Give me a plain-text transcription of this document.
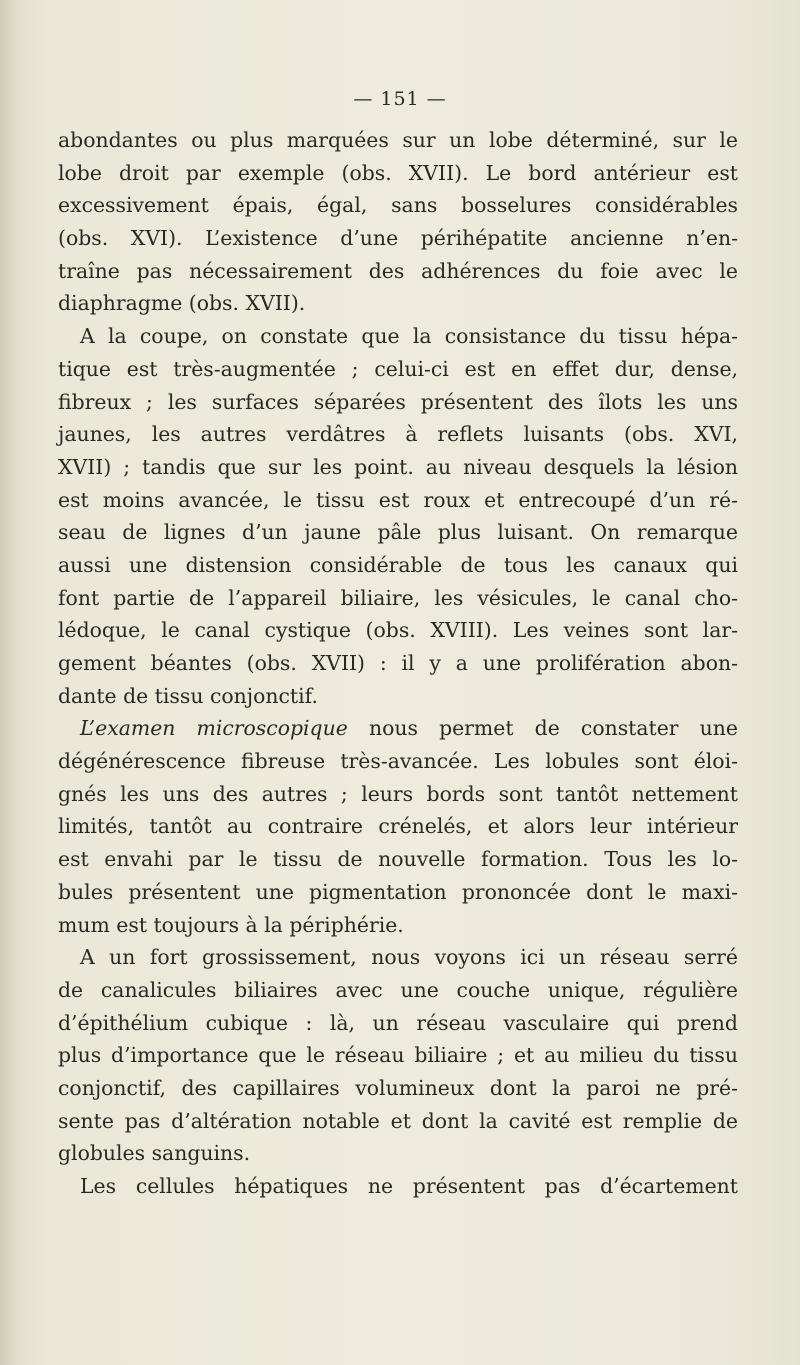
— 151 —
abondantes ou plus marquées sur un lobe déterminé, sur le
lobe droit par exemple (obs. XVII). Le bord antérieur est
excessivement épais, égal, sans bosselures considérables
(obs. XVI). L’existence d’une périhépatite ancienne n’en-
traîne pas nécessairement des adhérences du foie avec le
diaphragme (obs. XVII).
A la coupe, on constate que la consistance du tissu hépa-
tique est très-augmentée ; celui-ci est en effet dur, dense,
fibreux ; les surfaces séparées présentent des îlots les uns
jaunes, les autres verdâtres à reflets luisants (obs. XVI,
XVII) ; tandis que sur les point. au niveau desquels la lésion
est moins avancée, le tissu est roux et entrecoupé d’un ré-
seau de lignes d’un jaune pâle plus luisant. On remarque
aussi une distension considérable de tous les canaux qui
font partie de l’appareil biliaire, les vésicules, le canal cho-
lédoque, le canal cystique (obs. XVIII). Les veines sont lar-
gement béantes (obs. XVII) : il y a une prolifération abon-
dante de tissu conjonctif.
L’examen microscopique nous permet de constater une
dégénérescence fibreuse très-avancée. Les lobules sont éloi-
gnés les uns des autres ; leurs bords sont tantôt nettement
limités, tantôt au contraire crénelés, et alors leur intérieur
est envahi par le tissu de nouvelle formation. Tous les lo-
bules présentent une pigmentation prononcée dont le maxi-
mum est toujours à la périphérie.
A un fort grossissement, nous voyons ici un réseau serré
de canalicules biliaires avec une couche unique, régulière
d’épithélium cubique : là, un réseau vasculaire qui prend
plus d’importance que le réseau biliaire ; et au milieu du tissu
conjonctif, des capillaires volumineux dont la paroi ne pré-
sente pas d’altération notable et dont la cavité est remplie de
globules sanguins.
Les cellules hépatiques ne présentent pas d’écartement
